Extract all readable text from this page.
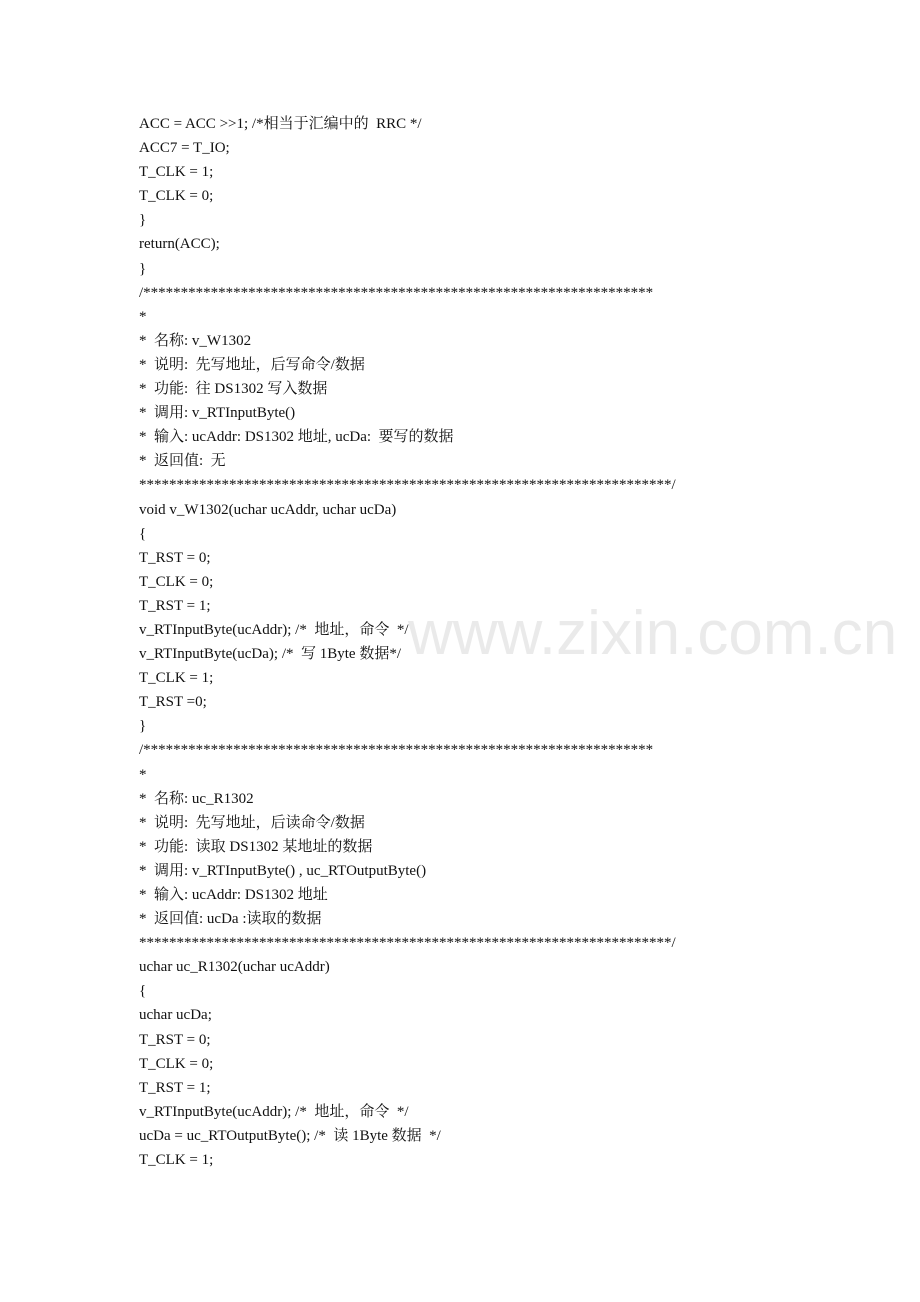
ACC = ACC >>1; /*相当于汇编中的  RRC */
ACC7 = T_IO;
T_CLK = 1;
T_CLK = 0;
}
return(ACC);
}
/********************************************************************
*
*  名称: v_W1302
*  说明:  先写地址，后写命令/数据
*  功能:  往 DS1302 写入数据
*  调用: v_RTInputByte()
*  输入: ucAddr: DS1302 地址, ucDa:  要写的数据
*  返回值:  无
***********************************************************************/
void v_W1302(uchar ucAddr, uchar ucDa)
{
T_RST = 0;
T_CLK = 0;
T_RST = 1;
v_RTInputByte(ucAddr); /*  地址，命令  */
v_RTInputByte(ucDa); /*  写 1Byte 数据*/
T_CLK = 1;
T_RST =0;
}
/********************************************************************
*
*  名称: uc_R1302
*  说明:  先写地址，后读命令/数据
*  功能:  读取 DS1302 某地址的数据
*  调用: v_RTInputByte() , uc_RTOutputByte()
*  输入: ucAddr: DS1302 地址
*  返回值: ucDa :读取的数据
***********************************************************************/
uchar uc_R1302(uchar ucAddr)
{
uchar ucDa;
T_RST = 0;
T_CLK = 0;
T_RST = 1;
v_RTInputByte(ucAddr); /*  地址，命令  */
ucDa = uc_RTOutputByte(); /*  读 1Byte 数据  */
T_CLK = 1;
www.zixin.com.cn
